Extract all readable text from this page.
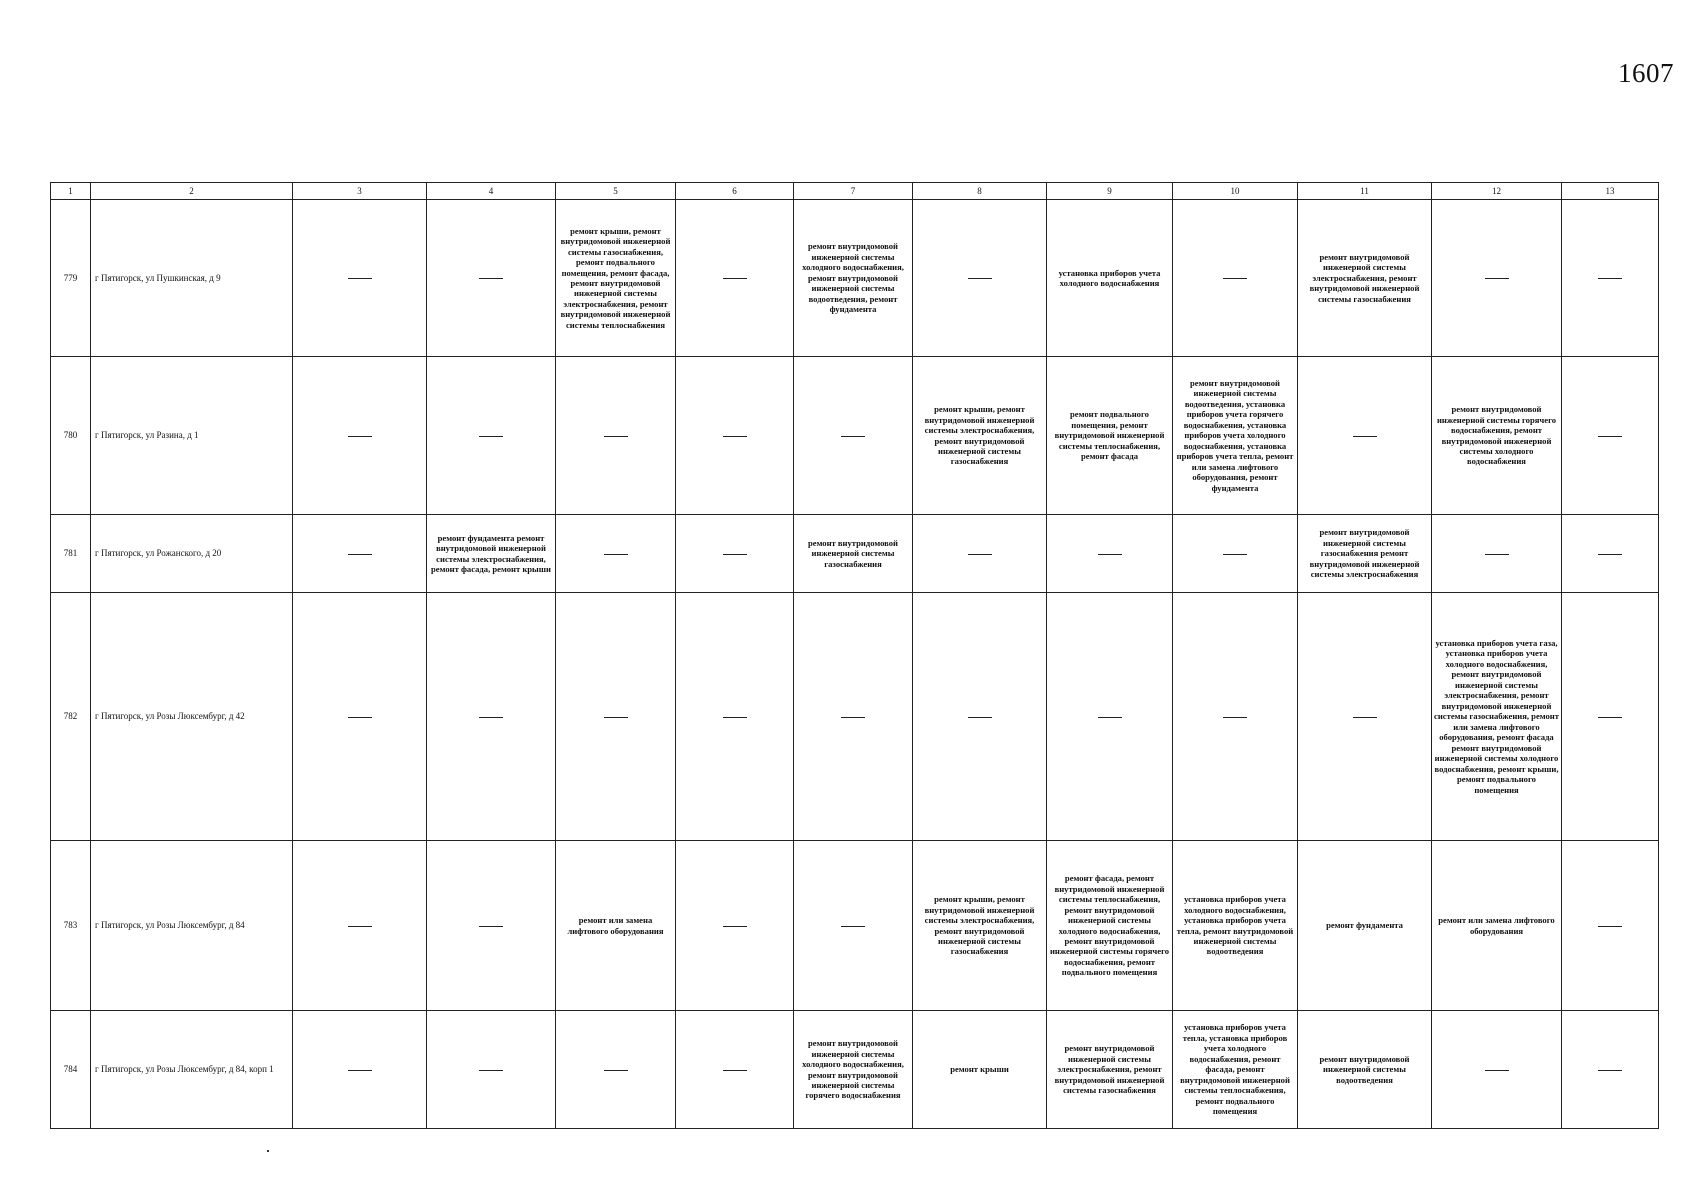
1607
1	2	3	4	5	6	7	8	9	10	11	12	13
779	г Пятигорск, ул Пушкинская, д 9			ремонт крыши, ремонт внутридомовой инженерной системы газоснабжения, ремонт подвального помещения, ремонт фасада, ремонт внутридомовой инженерной системы электроснабжения, ремонт внутридомовой инженерной системы теплоснабжения		ремонт внутридомовой инженерной системы холодного водоснабжения, ремонт внутридомовой инженерной системы водоотведения, ремонт фундамента		установка приборов учета холодного водоснабжения		ремонт внутридомовой инженерной системы электроснабжения, ремонт внутридомовой инженерной системы газоснабжения		
780	г Пятигорск, ул Разина, д 1						ремонт крыши, ремонт внутридомовой инженерной системы электроснабжения, ремонт внутридомовой инженерной системы газоснабжения	ремонт подвального помещения, ремонт внутридомовой инженерной системы теплоснабжения, ремонт фасада	ремонт внутридомовой инженерной системы водоотведения, установка приборов учета горячего водоснабжения, установка приборов учета холодного водоснабжения, установка приборов учета тепла, ремонт или замена лифтового оборудования, ремонт фундамента		ремонт внутридомовой инженерной системы горячего водоснабжения, ремонт внутридомовой инженерной системы холодного водоснабжения	
781	г Пятигорск, ул Рожанского, д 20		ремонт фундамента ремонт внутридомовой инженерной системы электроснабжения, ремонт фасада, ремонт крыши			ремонт внутридомовой инженерной системы газоснабжения				ремонт внутридомовой инженерной системы газоснабжения ремонт внутридомовой инженерной системы электроснабжения		
782	г Пятигорск, ул Розы Люксембург, д 42										установка приборов учета газа, установка приборов учета холодного водоснабжения, ремонт внутридомовой инженерной системы электроснабжения, ремонт внутридомовой инженерной системы газоснабжения, ремонт или замена лифтового оборудования, ремонт фасада ремонт внутридомовой инженерной системы холодного водоснабжения, ремонт крыши, ремонт подвального помещения	
783	г Пятигорск, ул Розы Люксембург, д 84			ремонт или замена лифтового оборудования			ремонт крыши, ремонт внутридомовой инженерной системы электроснабжения, ремонт внутридомовой инженерной системы газоснабжения	ремонт фасада, ремонт внутридомовой инженерной системы теплоснабжения, ремонт внутридомовой инженерной системы холодного водоснабжения, ремонт внутридомовой инженерной системы горячего водоснабжения, ремонт подвального помещения	установка приборов учета холодного водоснабжения, установка приборов учета тепла, ремонт внутридомовой инженерной системы водоотведения	ремонт фундамента	ремонт или замена лифтового оборудования	
784	г Пятигорск, ул Розы Люксембург, д 84, корп 1					ремонт внутридомовой инженерной системы холодного водоснабжения, ремонт внутридомовой инженерной системы горячего водоснабжения	ремонт крыши	ремонт внутридомовой инженерной системы электроснабжения, ремонт внутридомовой инженерной системы газоснабжения	установка приборов учета тепла, установка приборов учета холодного водоснабжения, ремонт фасада, ремонт внутридомовой инженерной системы теплоснабжения, ремонт подвального помещения	ремонт внутридомовой инженерной системы водоотведения		
